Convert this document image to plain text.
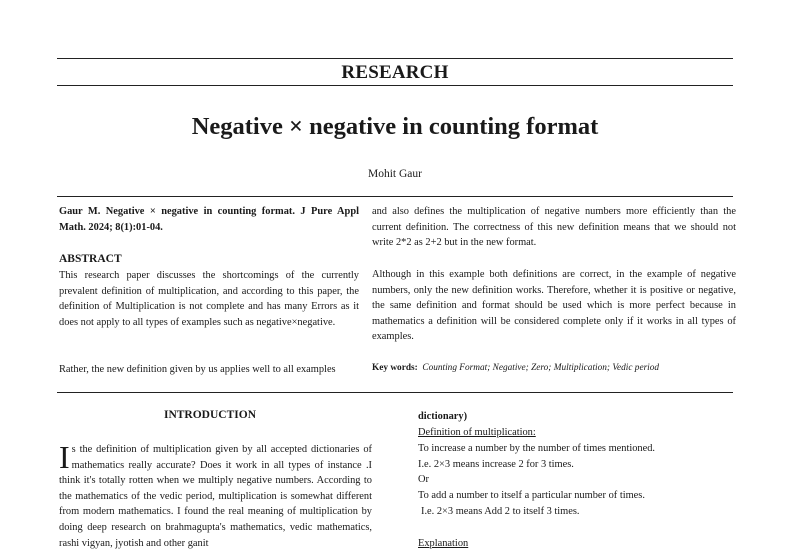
RESEARCH
Negative × negative in counting format
Mohit Gaur
Gaur M. Negative × negative in counting format. J Pure Appl Math. 2024; 8(1):01-04.
ABSTRACT
This research paper discusses the shortcomings of the currently prevalent definition of multiplication, and according to this paper, the definition of Multiplication is not complete and has many Errors as it does not apply to all types of examples such as negative×negative.
Rather, the new definition given by us applies well to all examples
and also defines the multiplication of negative numbers more efficiently than the current definition. The correctness of this new definition means that we should not write 2*2 as 2+2 but in the new format.
Although in this example both definitions are correct, in the example of negative numbers, only the new definition works. Therefore, whether it is positive or negative, the same definition and format should be used which is more perfect because in mathematics a definition will be considered complete only if it works in all types of examples.
Key words: Counting Format; Negative; Zero; Multiplication; Vedic period
INTRODUCTION
Is the definition of multiplication given by all accepted dictionaries of mathematics really accurate? Does it work in all types of instance .I think it's totally rotten when we multiply negative numbers. According to the mathematics of the vedic period, multiplication is somewhat different from modern mathematics. I found the real meaning of multiplication by doing deep research on brahmagupta's mathematics, vedic mathematics, rashi vigyan, jyotish and other ganit
dictionary)
Definition of multiplication:
To increase a number by the number of times mentioned.
I.e. 2×3 means increase 2 for 3 times.
Or
To add a number to itself a particular number of times.
I.e. 2×3 means Add 2 to itself 3 times.
Explanation
